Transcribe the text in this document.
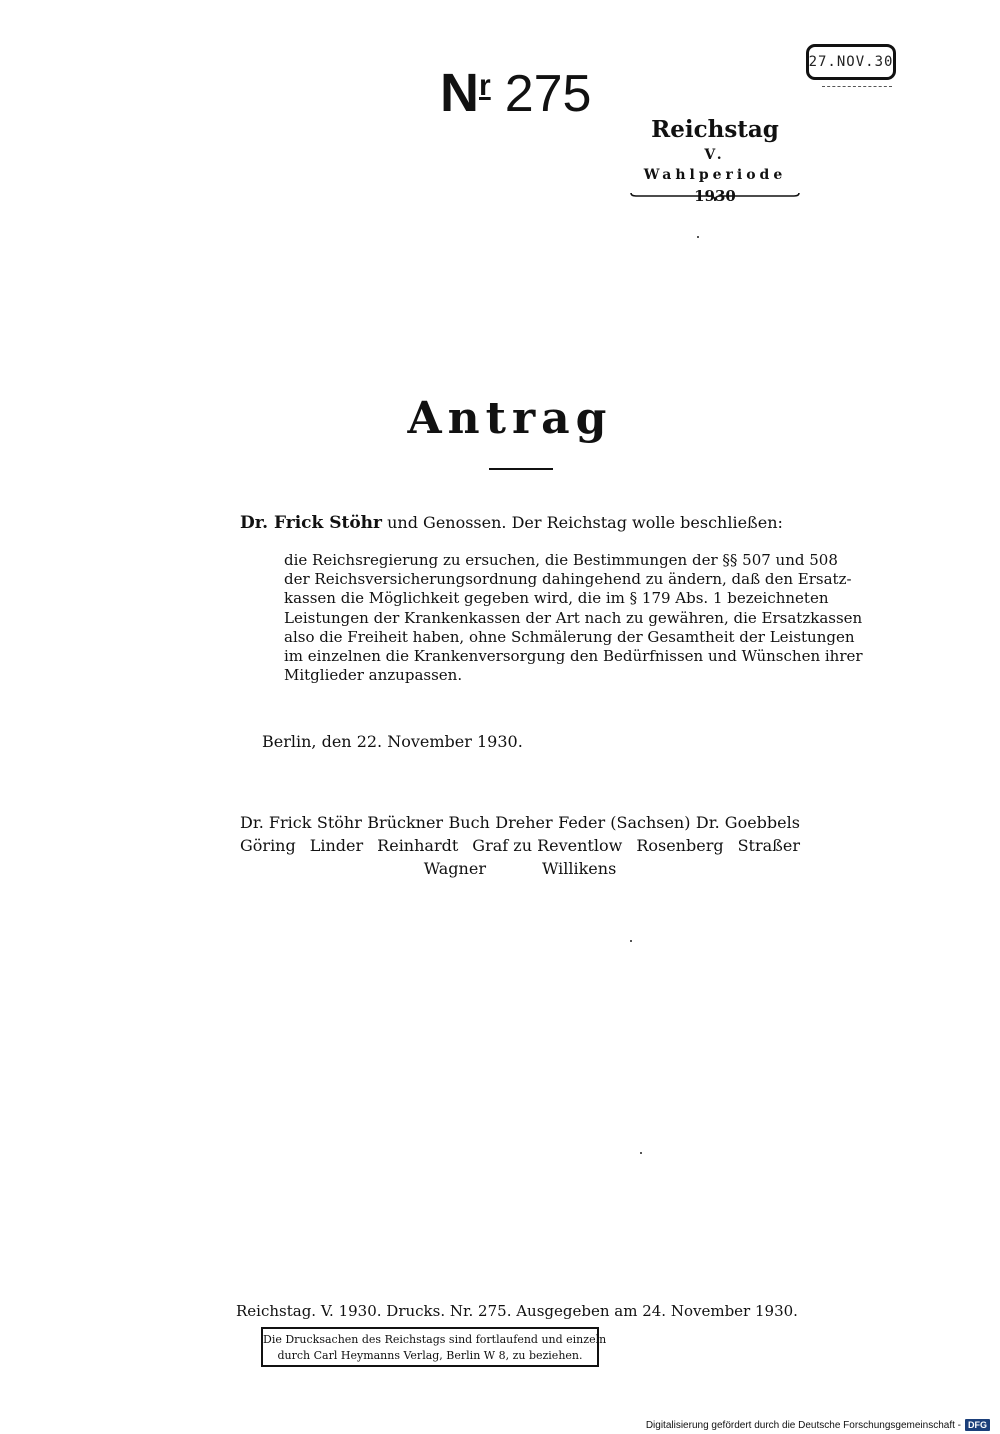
27.NOV.30
$N^r$ 275
Reichstag
V. Wahlperiode
1930
Antrag
Dr. Frick Stöhr und Genossen. Der Reichstag wolle beschließen:
die Reichsregierung zu ersuchen, die Bestimmungen der §§ 507 und 508
der Reichsversicherungsordnung dahingehend zu ändern, daß den Ersatz-
kassen die Möglichkeit gegeben wird, die im § 179 Abs. 1 bezeichneten
Leistungen der Krankenkassen der Art nach zu gewähren, die Ersatzkassen
also die Freiheit haben, ohne Schmälerung der Gesamtheit der Leistungen
im einzelnen die Krankenversorgung den Bedürfnissen und Wünschen ihrer
Mitglieder anzupassen.
Berlin, den 22. November 1930.
Dr. Frick Stöhr Brückner Buch Dreher Feder (Sachsen) Dr. Goebbels
Göring Linder Reinhardt Graf zu Reventlow Rosenberg Straßer
Wagner	Willikens
Reichstag. V. 1930. Drucks. Nr. 275. Ausgegeben am 24. November 1930.
Die Drucksachen des Reichstags sind fortlaufend und einzeln
durch Carl Heymanns Verlag, Berlin W 8, zu beziehen.
Digitalisierung gefördert durch die Deutsche Forschungsgemeinschaft - DFG
